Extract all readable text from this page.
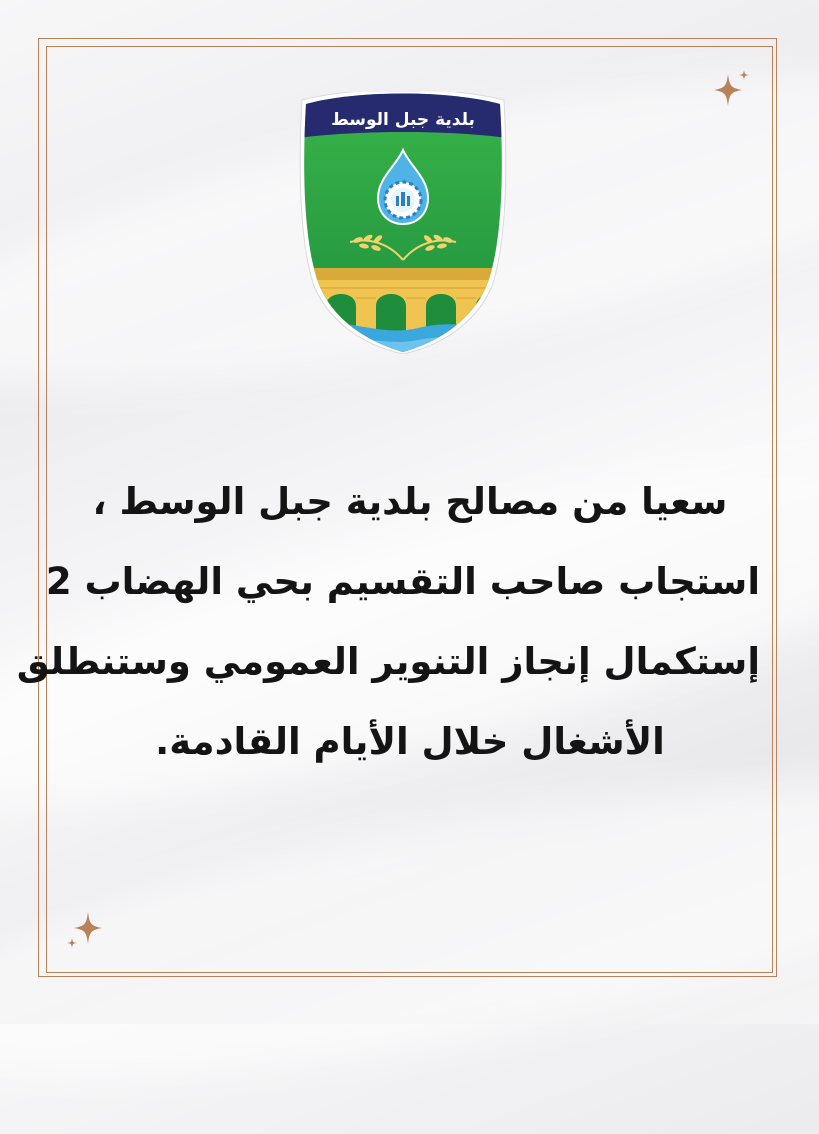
بلدية جبل الوسط
سعيا من مصالح بلدية جبل الوسط ،
استجاب صاحب التقسيم بحي الهضاب 2
إستكمال إنجاز التنوير العمومي وستنطلق
الأشغال خلال الأيام القادمة.
